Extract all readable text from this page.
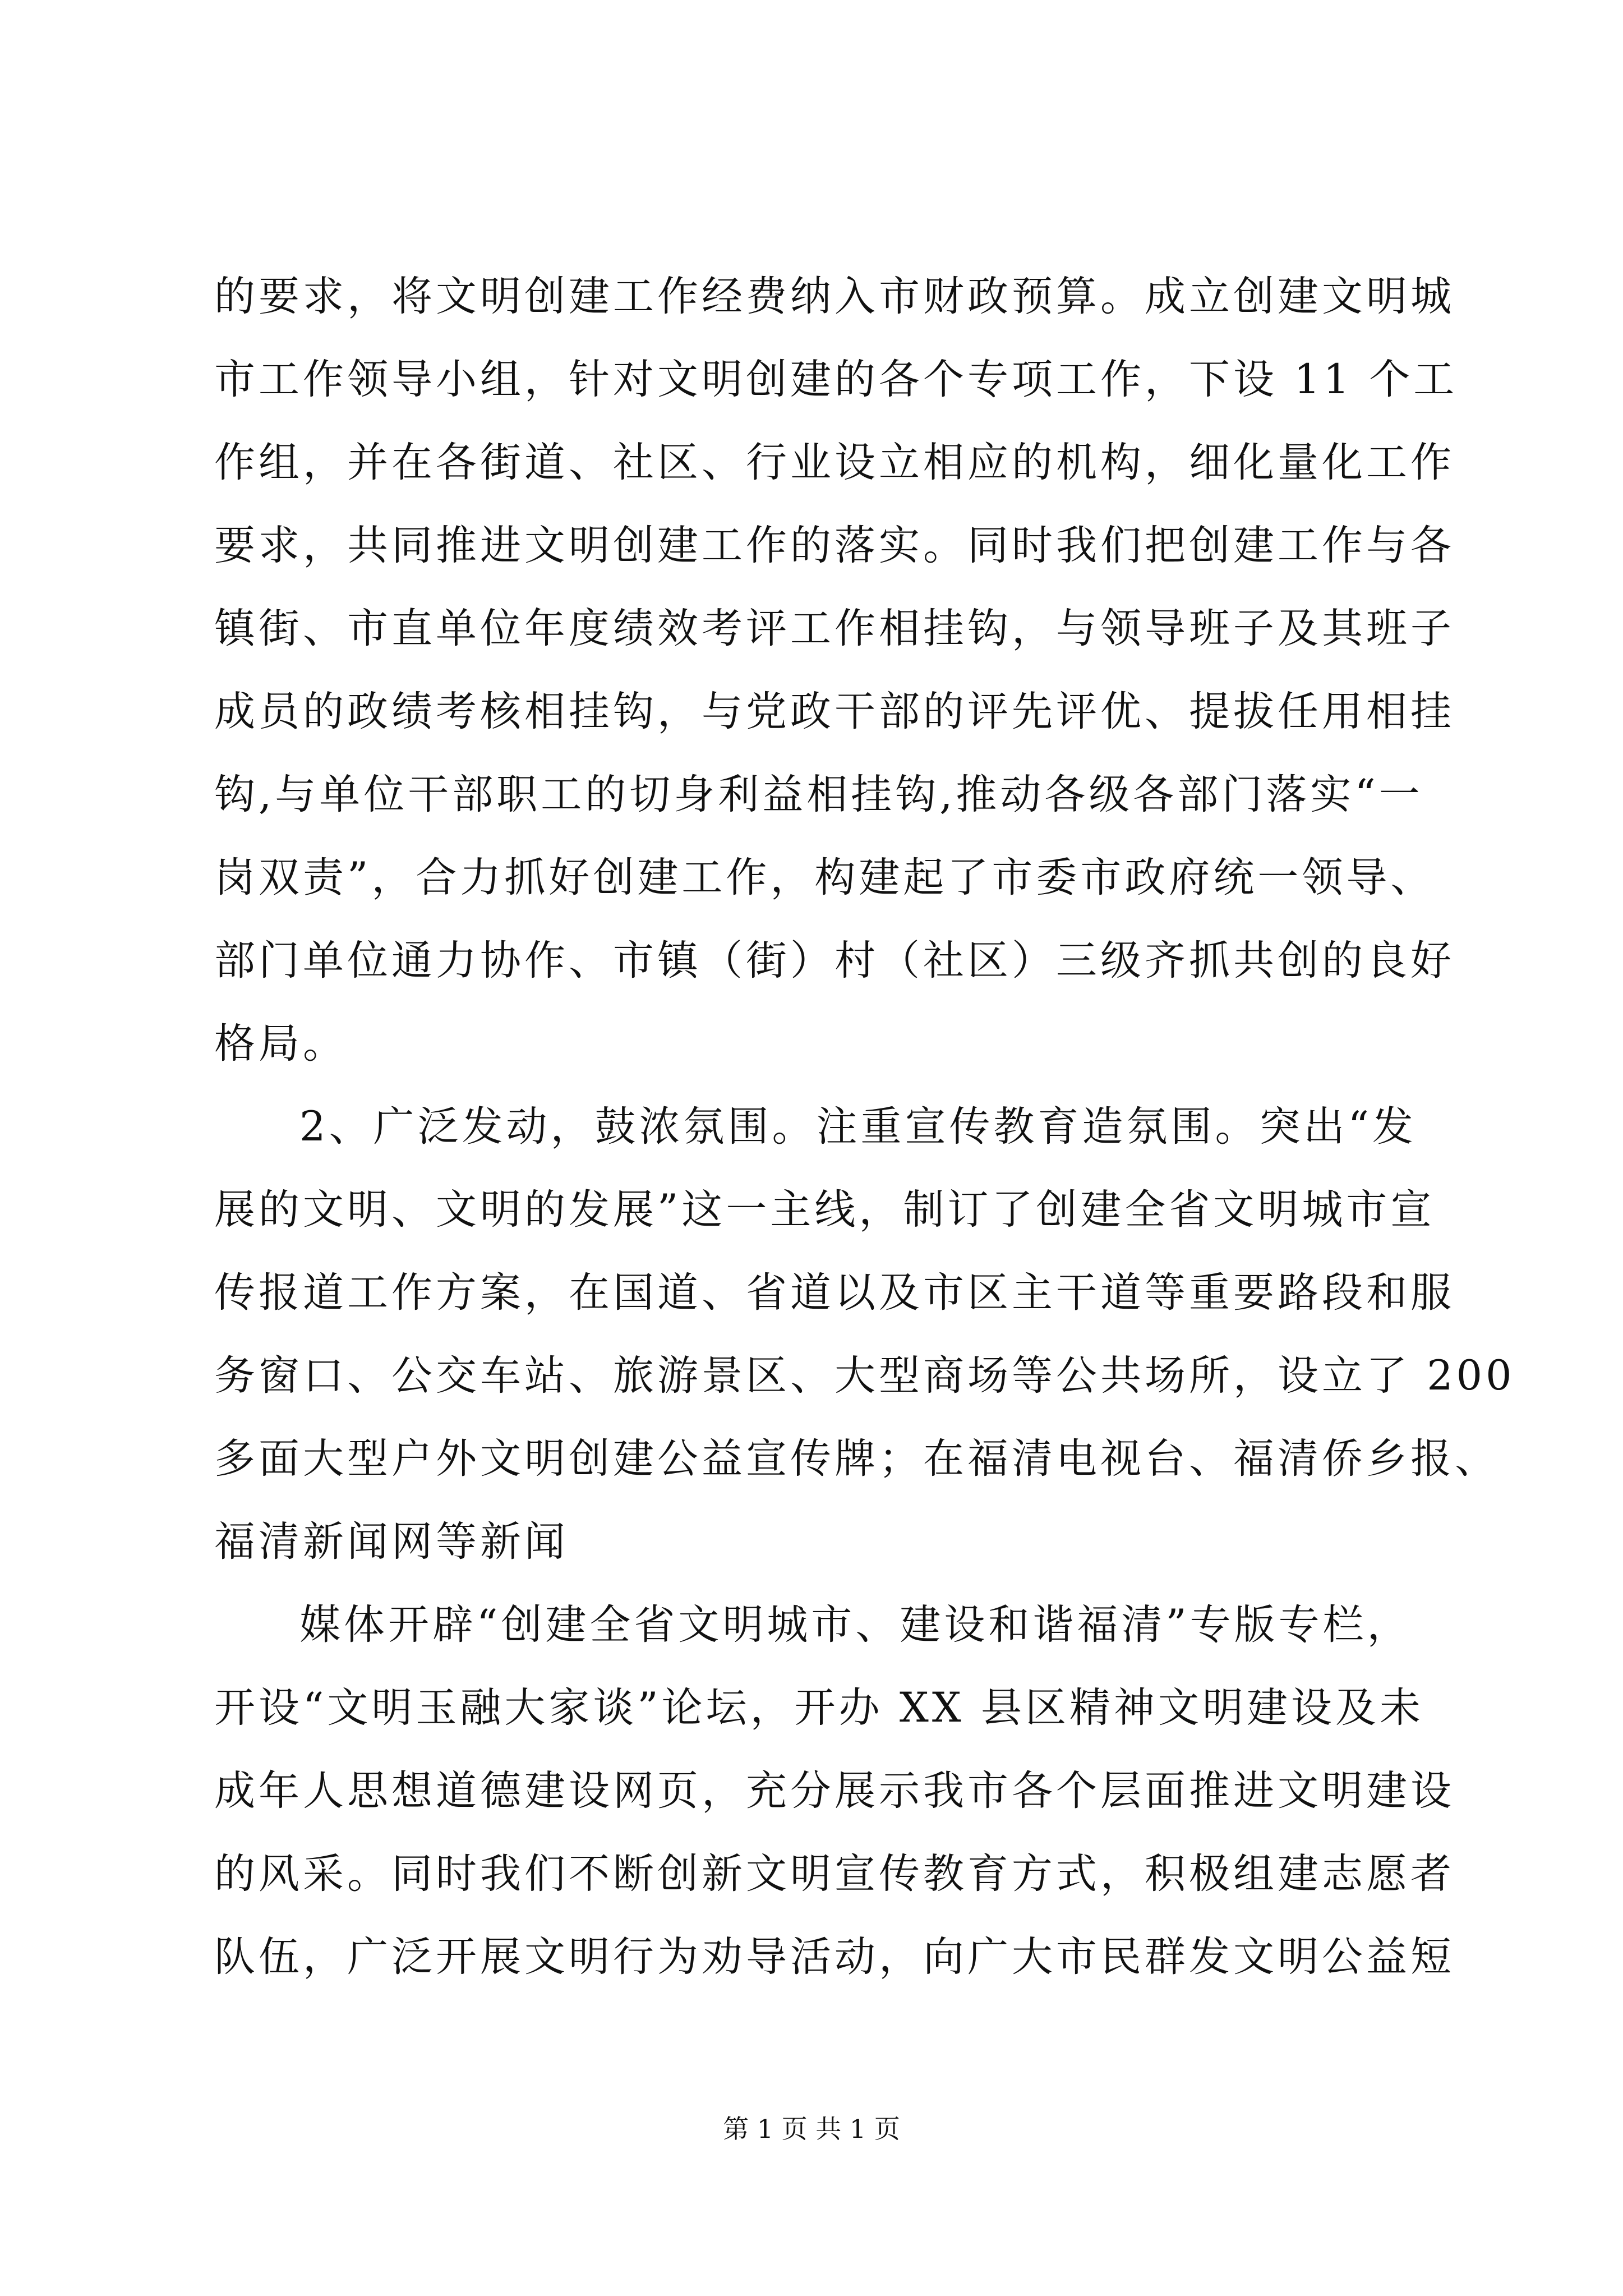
的要求，将文明创建工作经费纳入市财政预算。成立创建文明城
市工作领导小组，针对文明创建的各个专项工作，下设 11 个工
作组，并在各街道、社区、行业设立相应的机构，细化量化工作
要求，共同推进文明创建工作的落实。同时我们把创建工作与各
镇街、市直单位年度绩效考评工作相挂钩，与领导班子及其班子
成员的政绩考核相挂钩，与党政干部的评先评优、提拔任用相挂
钩,与单位干部职工的切身利益相挂钩,推动各级各部门落实“一
岗双责”，合力抓好创建工作，构建起了市委市政府统一领导、
部门单位通力协作、市镇（街）村（社区）三级齐抓共创的良好
格局。
2、广泛发动，鼓浓氛围。注重宣传教育造氛围。突出“发
展的文明、文明的发展”这一主线，制订了创建全省文明城市宣
传报道工作方案，在国道、省道以及市区主干道等重要路段和服
务窗口、公交车站、旅游景区、大型商场等公共场所，设立了 200
多面大型户外文明创建公益宣传牌；在福清电视台、福清侨乡报、
福清新闻网等新闻
媒体开辟“创建全省文明城市、建设和谐福清”专版专栏，
开设“文明玉融大家谈”论坛，开办 XX 县区精神文明建设及未
成年人思想道德建设网页，充分展示我市各个层面推进文明建设
的风采。同时我们不断创新文明宣传教育方式，积极组建志愿者
队伍，广泛开展文明行为劝导活动，向广大市民群发文明公益短
第 1 页 共 1 页
